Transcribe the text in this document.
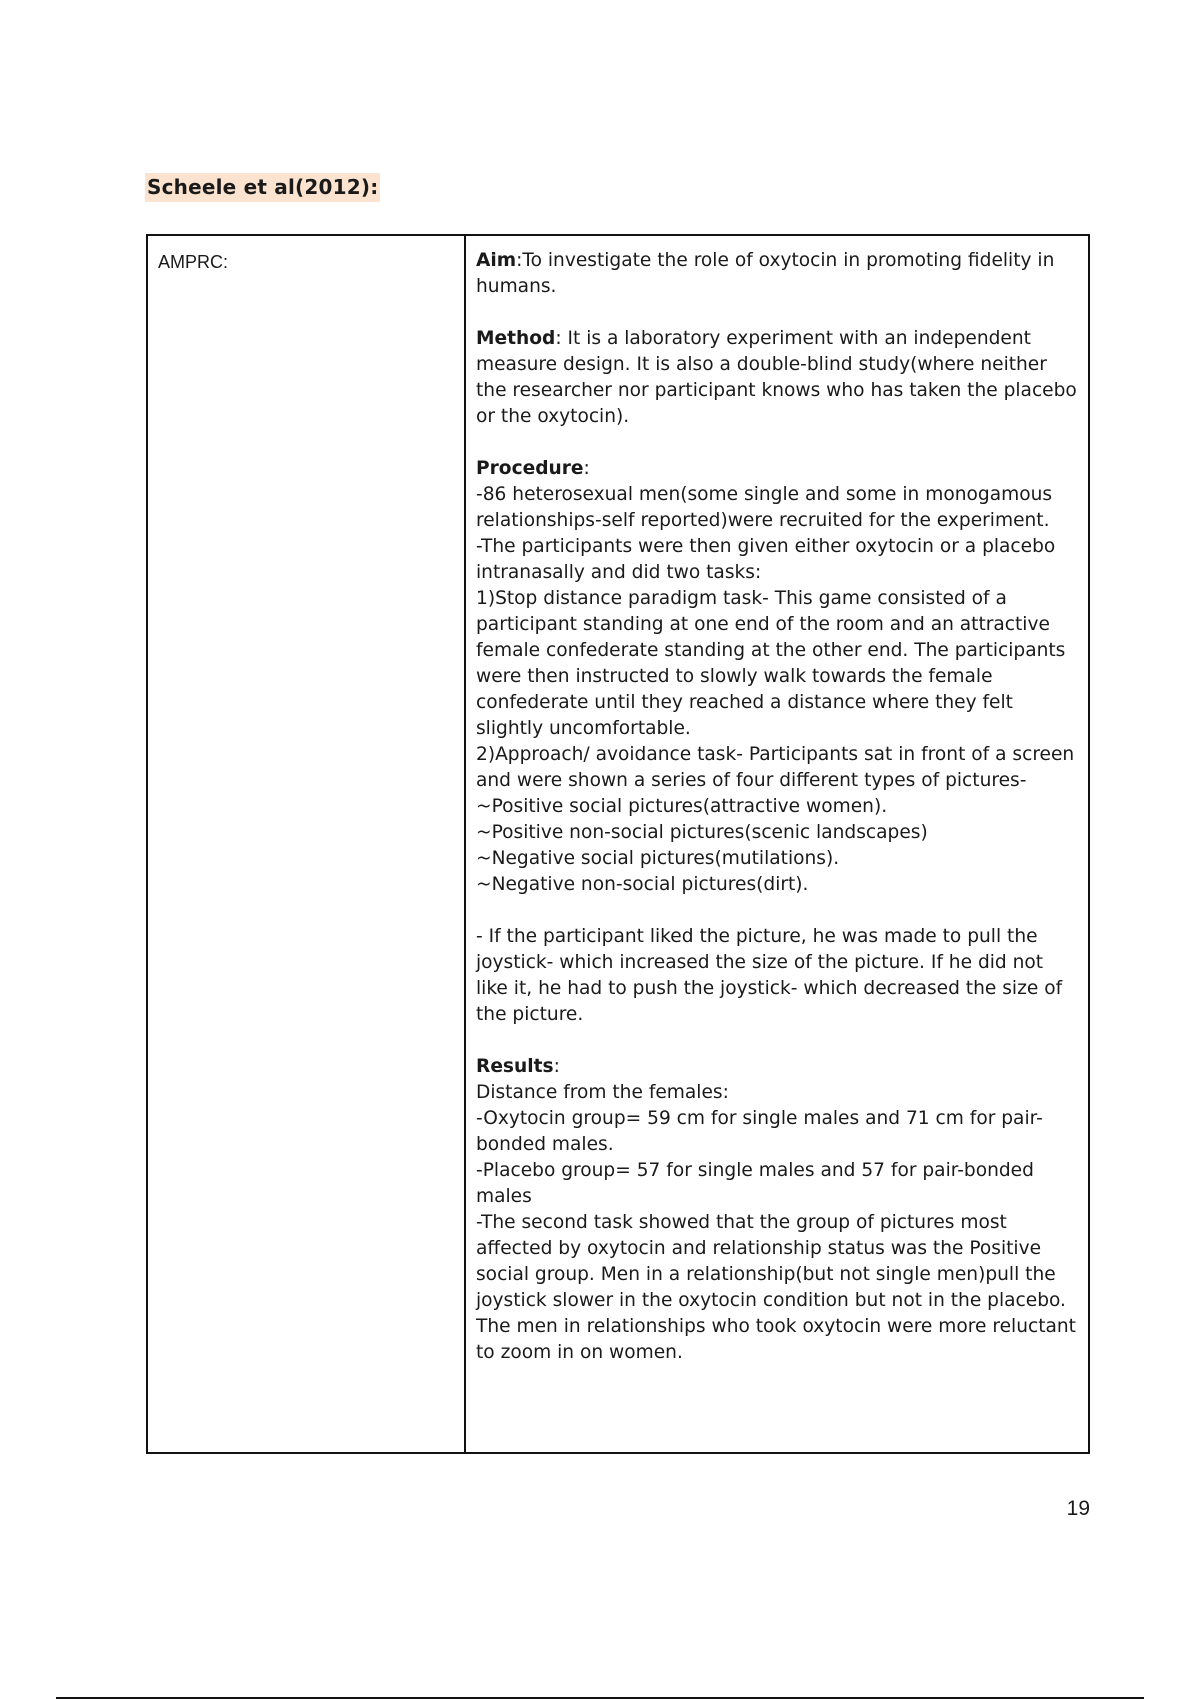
Scheele et al(2012):
AMPRC:	Aim:To investigate the role of oxytocin in promoting fidelity in humans.

Method: It is a laboratory experiment with an independent measure design. It is also a double-blind study(where neither the researcher nor participant knows who has taken the placebo or the oxytocin).

Procedure:

-86 heterosexual men(some single and some in monogamous relationships-self reported)were recruited for the experiment.

-The participants were then given either oxytocin or a placebo intranasally and did two tasks:

1)Stop distance paradigm task- This game consisted of a participant standing at one end of the room and an attractive female confederate standing at the other end. The participants were then instructed to slowly walk towards the female confederate until they reached a distance where they felt slightly uncomfortable.

2)Approach/ avoidance task- Participants sat in front of a screen and were shown a series of four different types of pictures-

~Positive social pictures(attractive women).

~Positive non-social pictures(scenic landscapes)

~Negative social pictures(mutilations).

~Negative non-social pictures(dirt).

- If the participant liked the picture, he was made to pull the joystick- which increased the size of the picture. If he did not like it, he had to push the joystick- which decreased the size of the picture.

Results:

Distance from the females:

-Oxytocin group= 59 cm for single males and 71 cm for pair-bonded males.

-Placebo group= 57 for single males and 57 for pair-bonded males

-The second task showed that the group of pictures most affected by oxytocin and relationship status was the Positive social group. Men in a relationship(but not single men)pull the joystick slower in the oxytocin condition but not in the placebo. The men in relationships who took oxytocin were more reluctant to zoom in on women.

19
